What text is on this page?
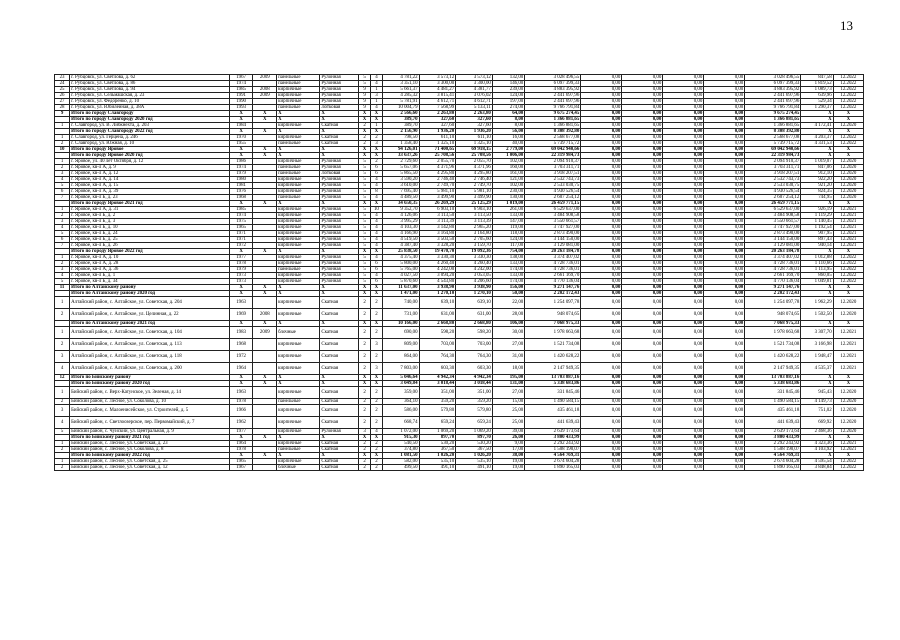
13
23	г. Рубцовск, ул. Светлова, д. 62	1967	2009	панельные	Рулонная	5	4	4 781,22	3 573,12	3 573,12	132,00	3 028 496,55	0,00	0,00	0,00	0,00	3 028 496,55	847,58	12.2022
24	г. Рубцовск, ул. Светлова, д. 86	1974		панельные	Рулонная	5	4	3 351,10	3 300,00	3 300,00	146,00	6 097 399,33	0,00	0,00	0,00	0,00	6 097 399,33	1 819,52	12.2022
25	г. Рубцовск, ул. Светлова, д. 94	1985	2008	кирпичные	Рулонная	9	1	5 661,37	4 481,27	4 381,77	239,00	4 883 395,92	0,00	0,00	0,00	0,00	4 883 395,92	1 089,73	12.2022
26	г. Рубцовск, ул. Сельмашская, д. 23	1991	2009	кирпичные	Рулонная	9	3	4 285,32	3 815,41	3 076,02	124,00	2 441 697,96	0,00	0,00	0,00	0,00	2 441 697,96	639,96	12.2022
27	г. Рубцовск, ул. Федоренко, д. 10	1990		кирпичные	Рулонная	9	1	5 781,91	4 612,71	4 612,71	197,00	2 441 697,96	0,00	0,00	0,00	0,00	2 441 697,96	529,34	12.2022
28	г. Рубцовск, ул. Юбилейная, д. 38А	1993		панельные	Лотковая	9	4	10 004,79	7 568,99	5 133,11	274,00	9 766 791,84	0,00	0,00	0,00	0,00	9 766 791,84	1 290,37	12.2022
9	Итого по городу Славгороду	X	X	X	X	X	X	2 566,60	2 263,80	2 263,80	64,00	9 675 274,45	0,00	0,00	0,00	0,00	9 675 274,45	X	X
	Итого по городу Славгороду 2020 год	X	X	X	X	X	X	389,70	327,60	327,60	8,00	1 366 881,65	0,00	0,00	0,00	0,00	1 366 881,65	X	X
1	г. Славгород, ул. В. Либкнехта, д. 203	1984		кирпичные	Скатная	2	1	389,70	327,60	327,60	8,00	1 366 881,65	0,00	0,00	0,00	0,00	1 366 881,65	4 172,41	12.2020
	Итого по городу Славгороду 2022 год	X	X	X	X	X	X	2 156,90	1 936,20	1 936,20	56,00	8 308 392,80	0,00	0,00	0,00	0,00	8 308 392,80	X	X
1	г. Славгород, ул. Герцена, д. 246	1970		кирпичные	Скатная	2	2	798,50	611,10	611,10	16,00	2 568 677,08	0,00	0,00	0,00	0,00	2 568 677,08	4 203,37	12.2022
2	г. Славгород, ул. Южная, д. 10	1955		панельные	Скатная	2	3	1 358,40	1 325,10	1 325,10	40,00	5 739 715,72	0,00	0,00	0,00	0,00	5 739 715,72	4 331,53	12.2022
10	Итого по городу Яровое	X	X	X	X	X	X	94 126,01	71 400,65	69 918,15	2 779,00	69 042 940,66	0,00	0,00	0,00	0,00	69 042 940,66	X	X
	Итого по городу Яровое 2020 год	X	X	X	X	X	X	33 637,26	25 708,56	25 708,56	1 006,00	22 319 984,73	0,00	0,00	0,00	0,00	22 319 984,73	X	X
1	г. Яровое, ул. 40 лет Октября, д. 12	1986		кирпичные	Рулонная	5	2	2 729,60	2 055,70	2 055,70	102,00	2 094 910,37	0,00	0,00	0,00	0,00	2 094 910,37	1 019,07	12.2020
2	г. Яровое, кв-л А, д. 9	1974		панельные	Рулонная	5	6	5 657,06	4 371,96	4 371,96	160,00	3 703 311,71	0,00	0,00	0,00	0,00	3 703 311,71	847,06	12.2020
3	г. Яровое, кв-л А, д. 12	1979		панельные	Лотковая	5	6	5 865,50	4 295,80	4 295,80	161,00	3 918 207,51	0,00	0,00	0,00	0,00	3 918 207,51	912,10	12.2020
4	г. Яровое, кв-л А, д. 14	1980		кирпичные	Рулонная	5	4	3 590,20	2 746,40	2 746,40	121,00	2 532 743,73	0,00	0,00	0,00	0,00	2 532 743,73	922,20	12.2020
5	г. Яровое, кв-л А, д. 15	1981		кирпичные	Рулонная	5	4	3 610,00	2 749,70	2 749,70	102,00	2 533 030,75	0,00	0,00	0,00	0,00	2 533 030,75	921,20	12.2020
6	г. Яровое, кв-л А, д. 39	1976		кирпичные	Рулонная	5	8	7 695,40	5 981,10	5 981,10	230,00	4 930 526,54	0,00	0,00	0,00	0,00	4 930 526,54	824,35	12.2020
7	г. Яровое, кв-л Б, д. 23	1968		панельные	Рулонная	5	4	4 489,50	3 499,90	3 499,90	130,00	2 607 254,12	0,00	0,00	0,00	0,00	2 607 254,12	744,95	12.2020
	Итого по городу Яровое 2021 год	X	X	X	X	X	X	34 650,35	26 269,29	25 125,29	1 019,00	26 459 771,15	0,00	0,00	0,00	0,00	26 459 771,15	X	X
1	г. Яровое, кв-л А, д. 31	1985		кирпичные	Рулонная	5	10	9 352,70	6 903,10	6 903,10	261,00	6 529 637,00	0,00	0,00	0,00	0,00	6 529 637,00	926,19	12.2021
2	г. Яровое, кв-л Б, д. 2	1974		кирпичные	Рулонная	5	4	4 126,06	3 113,50	3 113,50	133,00	3 484 908,58	0,00	0,00	0,00	0,00	3 484 908,58	1 119,29	12.2021
3	г. Яровое, кв-л Б, д. 3	1975		кирпичные	Рулонная	5	4	3 995,29	3 113,39	3 113,39	147,00	3 550 661,57	0,00	0,00	0,00	0,00	3 550 661,57	1 140,45	12.2021
4	г. Яровое, кв-л Б, д. 10	1965		кирпичные	Рулонная	5	4	4 103,30	3 142,80	2 965,20	119,00	3 747 927,00	0,00	0,00	0,00	0,00	3 747 927,00	1 192,54	12.2021
5	г. Яровое, кв-л Б, д. 24	1971		кирпичные	Рулонная	5	4	4 166,90	3 164,80	3 164,80	118,00	2 873 490,00	0,00	0,00	0,00	0,00	2 873 490,00	907,95	12.2021
6	г. Яровое, кв-л Б, д. 25	1971		кирпичные	Рулонная	5	4	4 519,50	3 503,50	2 705,60	124,00	3 144 150,00	0,00	0,00	0,00	0,00	3 144 150,00	897,43	12.2021
7	г. Яровое, кв-л Б, д. 26	1972		кирпичные	Рулонная	5	4	4 387,40	3 328,20	3 159,70	117,00	3 129 081,00	0,00	0,00	0,00	0,00	3 129 081,00	940,14	12.2021
	Итого по городу Яровое 2022 год	X	X	X	X	X	X	25 838,50	19 470,70	19 092,36	754,00	20 263 184,78	0,00	0,00	0,00	0,00	20 263 184,78	X	X
1	г. Яровое, кв-л А, д. 10	1977		кирпичные	Рулонная	5	4	4 375,40	3 330,30	3 330,30	138,00	3 374 407,02	0,00	0,00	0,00	0,00	3 374 407,02	1 012,88	12.2022
2	г. Яровое, кв-л А, д. 28	1978		кирпичные	Рулонная	5	6	5 800,00	4 260,40	4 260,40	133,00	4 728 736,01	0,00	0,00	0,00	0,00	4 728 736,01	1 110,66	12.2022
3	г. Яровое, кв-л А, д. 36	1979		панельные	Рулонная	5	6	5 765,00	4 242,00	4 242,00	174,00	4 728 736,01	0,00	0,00	0,00	0,00	4 728 736,01	1 113,95	12.2022
4	г. Яровое, кв-л Б, д. 1	1973		кирпичные	Рулонная	5	4	4 027,50	3 094,20	3 053,05	133,00	2 661 169,70	0,00	0,00	0,00	0,00	2 661 169,70	860,05	12.2022
5	г. Яровое, кв-л Б, д. 34	1973		кирпичные	Рулонная	5	6	5 870,60	4 543,80	4 206,60	174,00	4 770 136,04	0,00	0,00	0,00	0,00	4 770 136,04	1 049,81	12.2022
11	Итого по Алтайскому району	X	X	X	X	X	X	11 637,00	3 938,90	3 938,90	156,00	9 271 147,76	0,00	0,00	0,00	0,00	9 271 147,76	X	X
	Итого по Алтайскому району 2020 год	X	X	X	X	X	X	1 471,00	1 270,10	1 270,10	50,00	2 202 172,43	0,00	0,00	0,00	0,00	2 202 172,43	X	X
1	Алтайский район, с. Алтайское, ул. Советская, д. 204	1963		кирпичные	Скатная	2	2	740,00	639,10	639,10	22,00	1 254 097,78	0,00	0,00	0,00	0,00	1 254 097,78	1 962,29	12.2020
2	Алтайский район, с. Алтайское, ул. Целинная, д. 22	1969	2008	кирпичные	Скатная	2	2	731,00	631,00	631,00	28,00	948 074,65	0,00	0,00	0,00	0,00	948 074,65	1 502,50	12.2020
	Итого по Алтайскому району 2021 год	X	X	X	X	X	X	10 166,00	2 668,80	2 668,80	106,00	7 068 975,33	0,00	0,00	0,00	0,00	7 068 975,33	X	X
1	Алтайский район, с. Алтайское, ул. Советская, д. 104	1983	2009	блочные	Скатная	2	2	690,00	598,20	598,20	30,00	1 978 663,68	0,00	0,00	0,00	0,00	1 978 663,68	3 307,70	12.2021
2	Алтайский район, с. Алтайское, ул. Советская, д. 113	1968		кирпичные	Скатная	2	3	809,00	703,00	703,00	27,00	1 521 734,08	0,00	0,00	0,00	0,00	1 521 734,08	3 166,98	12.2021
3	Алтайский район, с. Алтайское, ул. Советская, д. 118	1972		кирпичные	Скатная	2	2	864,00	764,30	764,30	31,00	1 420 628,22	0,00	0,00	0,00	0,00	1 420 628,22	1 948,47	12.2021
4	Алтайский район, с. Алтайское, ул. Советская, д. 200	1964		кирпичные	Скатная	2	3	7 803,00	603,30	603,30	18,00	2 147 949,35	0,00	0,00	0,00	0,00	2 147 949,35	4 535,37	12.2021
12	Итого по Бийскому району	X	X	X	X	X	X	5 046,64	4 942,34	4 942,34	195,00	13 703 887,16	0,00	0,00	0,00	0,00	13 703 887,16	X	X
	Итого по Бийскому району 2020 год	X	X	X	X	X	X	3 049,84	3 018,44	3 018,44	131,00	5 338 683,86	0,00	0,00	0,00	0,00	5 338 683,86	X	X
1	Бийский район, с. Верх-Катунское, ул. Зеленая, д. 14	1963		кирпичные	Скатная	2	2	359,00	351,00	351,00	27,00	331 845,46	0,00	0,00	0,00	0,00	331 845,46	945,43	12.2020
2	Бийский район, с. Лесное, ул. Соколова, д. 10	1978		панельные	Скатная	2	2	364,10	359,20	359,20	15,00	1 490 584,15	0,00	0,00	0,00	0,00	1 490 584,15	4 149,73	12.2020
3	Бийский район, с. Малоенисейское, ул. Строителей, д. 5	1966		кирпичные	Скатная	2	2	586,00	579,80	579,80	25,00	435 461,18	0,00	0,00	0,00	0,00	435 461,18	751,02	12.2020
4	Бийский район, с. Светлоозерское, пер. Первомайский, д. 7	1962		кирпичные	Скатная	2	2	668,74	659,24	659,24	25,00	441 639,43	0,00	0,00	0,00	0,00	441 639,43	669,92	12.2020
5	Бийский район, с. Чуйский, ул. Центральная, д. 9	1977		кирпичные	Рулонная	3	4	1 072,00	1 069,20	1 069,20	39,00	2 639 173,64	0,00	0,00	0,00	0,00	2 639 173,64	2 468,36	12.2020
	Итого по Бийскому району 2021 год	X	X	X	X	X	X	915,30	897,70	897,70	26,00	3 800 433,99	0,00	0,00	0,00	0,00	3 800 433,99	X	X
1	Бийский район, с. Лесное, ул. Советская, д. 23	1964		кирпичные	Скатная	2	2	540,50	530,20	530,20	9,00	2 292 243,92	0,00	0,00	0,00	0,00	2 292 243,92	4 323,36	12.2021
2	Бийский район, с. Лесное, ул. Соколова, д. 8	1978		панельные	Скатная	2	2	374,80	367,50	367,50	17,00	1 508 190,07	0,00	0,00	0,00	0,00	1 508 190,07	4 103,92	12.2021
	Итого по Бийскому району 2022 год	X	X	X	X	X	X	1 081,50	1 026,20	1 026,20	38,00	4 564 769,31	0,00	0,00	0,00	0,00	4 564 769,31	X	X
1	Бийский район, с. Лесное, ул. Советская, д. 25	1965		кирпичные	Скатная	2	2	582,00	535,10	535,10	19,00	2 674 604,28	0,00	0,00	0,00	0,00	2 674 604,28	4 595,54	12.2022
2	Бийский район, с. Лесное, ул. Советская, д. 12	1967		блочные	Скатная	2	2	499,50	491,10	491,10	19,00	1 890 165,03	0,00	0,00	0,00	0,00	1 890 165,03	3 848,84	12.2022
